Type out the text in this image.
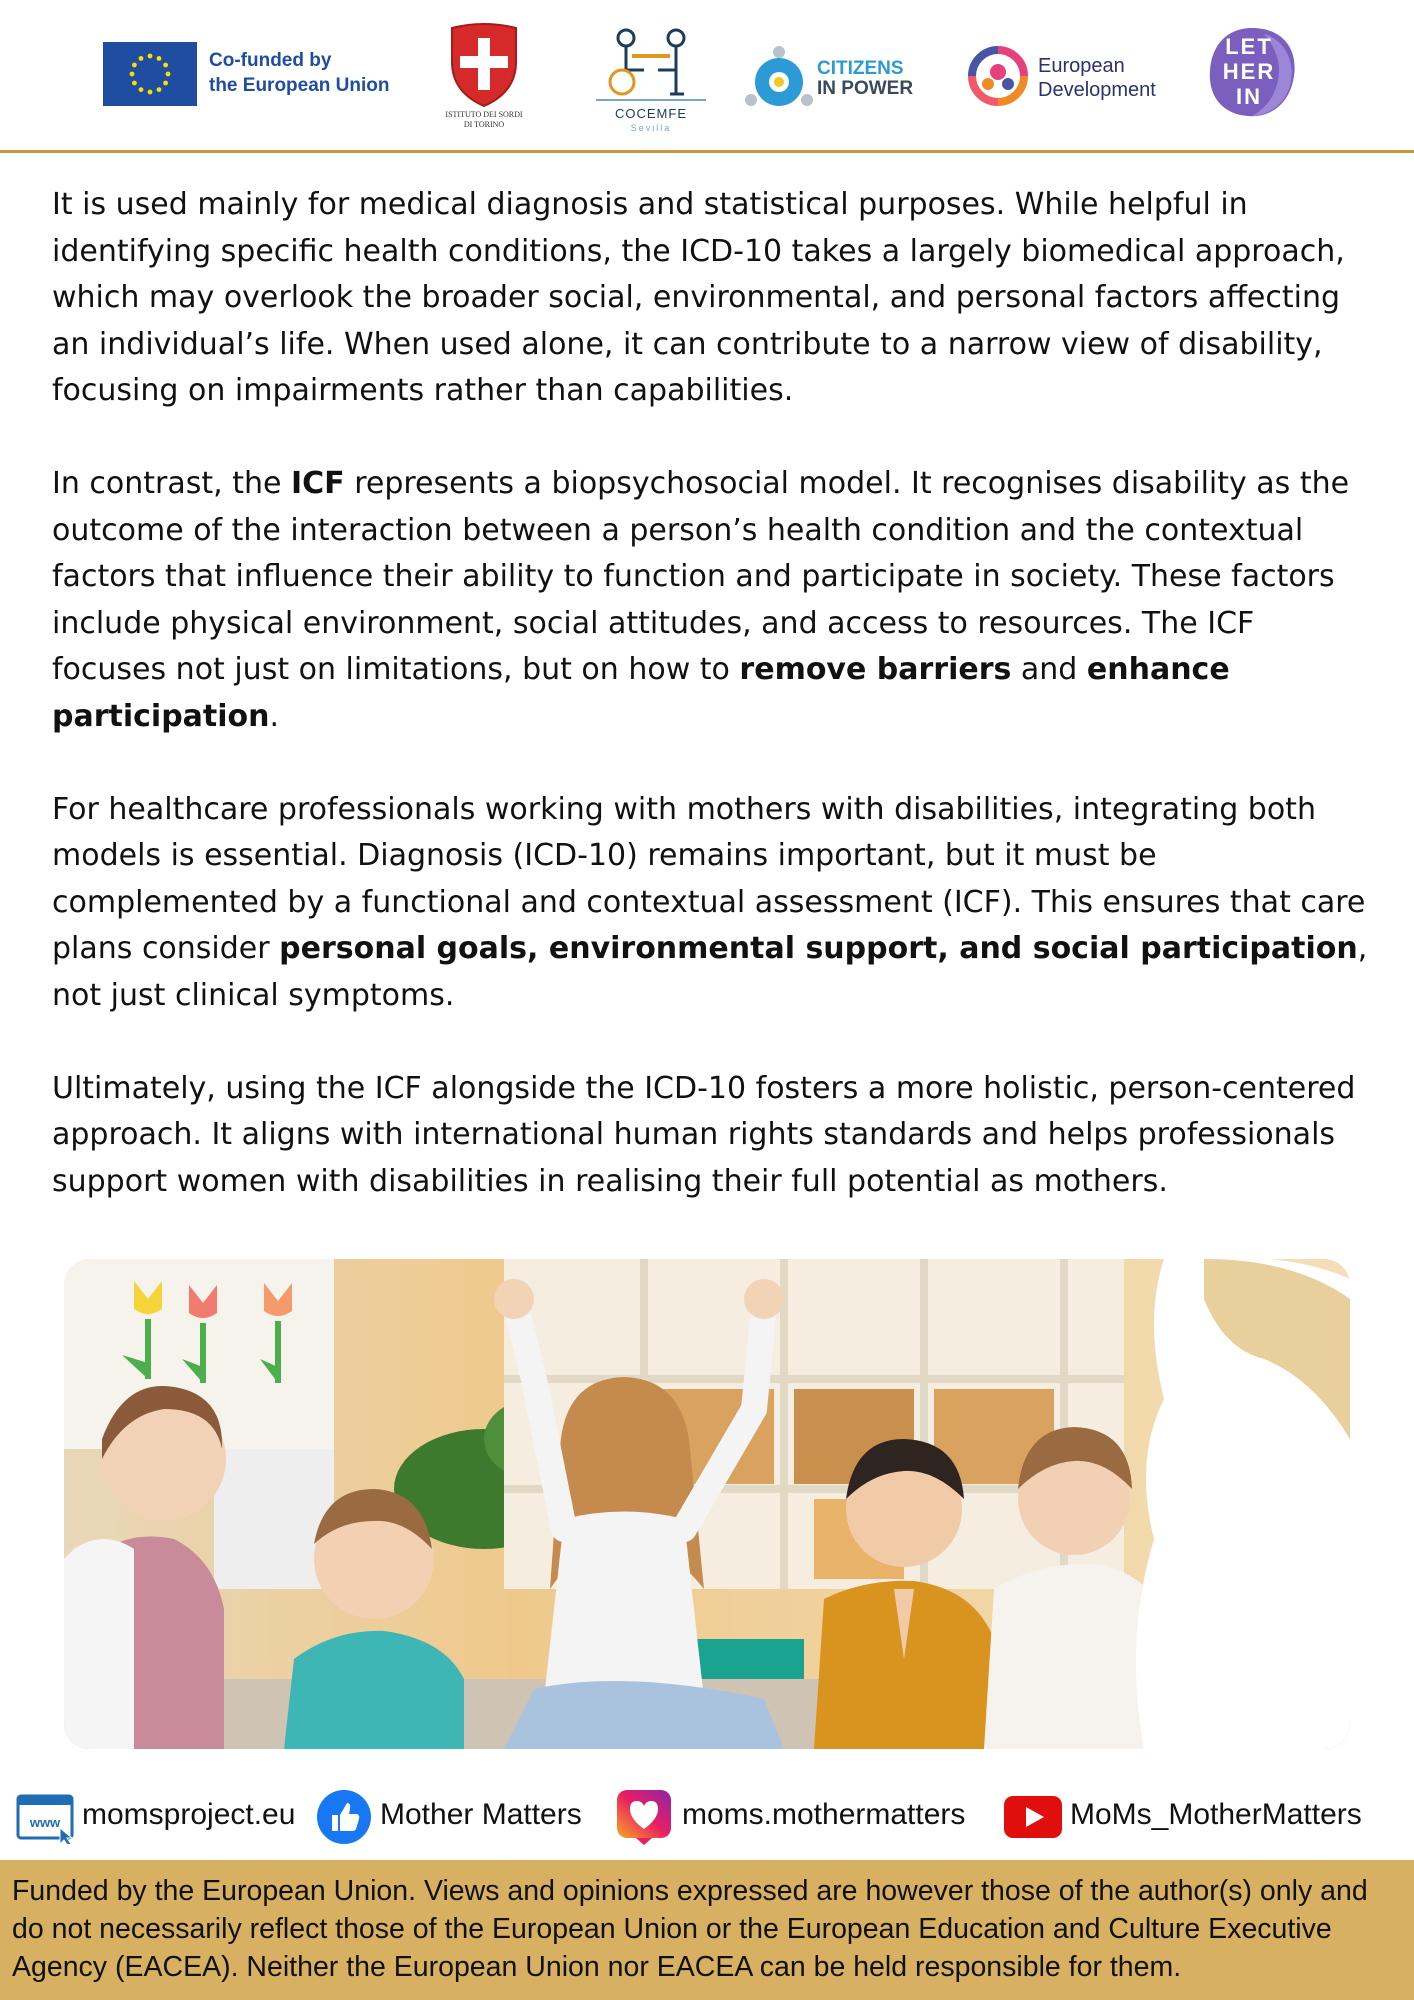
Co-funded by
the European Union
ISTITUTO DEI SORDI
DI TORINO
COCEMFE
Sevilla
CITIZENS
IN POWER
European
Development
LET
HER
IN

It is used mainly for medical diagnosis and statistical purposes. While helpful in identifying specific health conditions, the ICD-10 takes a largely biomedical approach, which may overlook the broader social, environmental, and personal factors affecting an individual’s life. When used alone, it can contribute to a narrow view of disability, focusing on impairments rather than capabilities.

In contrast, the ICF represents a biopsychosocial model. It recognises disability as the outcome of the interaction between a person’s health condition and the contextual factors that influence their ability to function and participate in society. These factors include physical environment, social attitudes, and access to resources. The ICF focuses not just on limitations, but on how to remove barriers and enhance participation.

For healthcare professionals working with mothers with disabilities, integrating both models is essential. Diagnosis (ICD-10) remains important, but it must be complemented by a functional and contextual assessment (ICF). This ensures that care plans consider personal goals, environmental support, and social participation, not just clinical symptoms.

Ultimately, using the ICF alongside the ICD-10 fosters a more holistic, person-centered approach. It aligns with international human rights standards and helps professionals support women with disabilities in realising their full potential as mothers.

www momsproject.eu	Mother Matters	moms.mothermatters	MoMs_MotherMatters
Funded by the European Union. Views and opinions expressed are however those of the author(s) only and do not necessarily reflect those of the European Union or the European Education and Culture Executive Agency (EACEA). Neither the European Union nor EACEA can be held responsible for them.
